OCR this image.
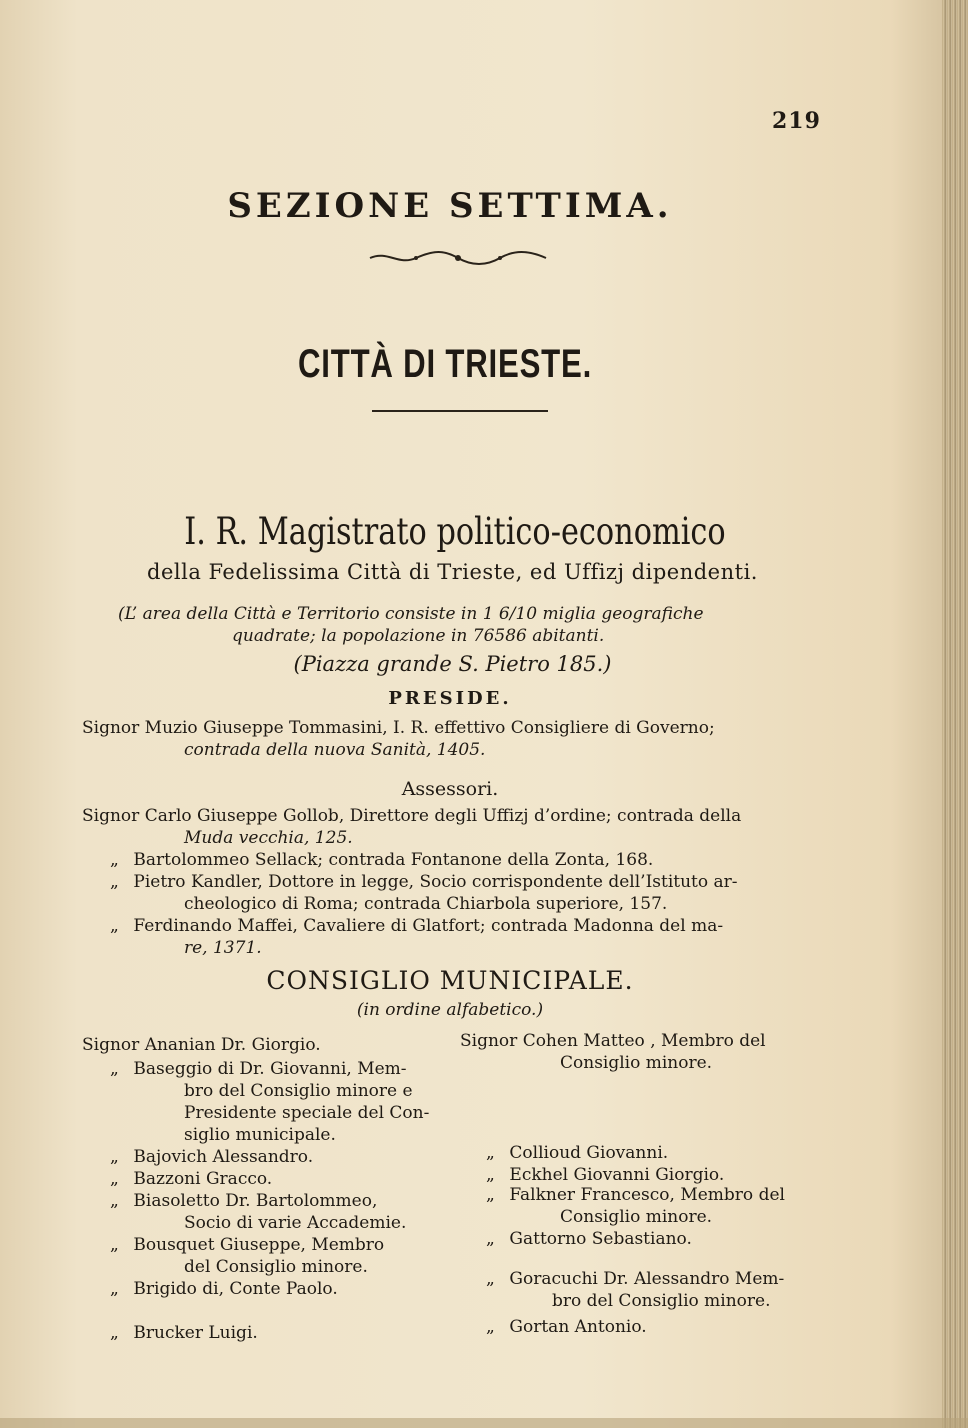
219
SEZIONE SETTIMA.
CITTÀ DI TRIESTE.
I. R. Magistrato politico-economico
della Fedelissima Città di Trieste, ed Uffizj dipendenti.
(L’ area della Città e Territorio consiste in 1 6/10 miglia geografiche
quadrate; la popolazione in 76586 abitanti.
(Piazza grande S. Pietro 185.)
PRESIDE.
Signor Muzio Giuseppe Tommasini, I. R. effettivo Consigliere di Governo;
contrada della nuova Sanità, 1405.
Assessori.
Signor Carlo Giuseppe Gollob, Direttore degli Uffizj d’ordine; contrada della
Muda vecchia, 125.
„ Bartolommeo Sellack; contrada Fontanone della Zonta, 168.
„ Pietro Kandler, Dottore in legge, Socio corrispondente dell’Istituto ar-
cheologico di Roma; contrada Chiarbola superiore, 157.
„ Ferdinando Maffei, Cavaliere di Glatfort; contrada Madonna del ma-
re, 1371.
CONSIGLIO MUNICIPALE.
(in ordine alfabetico.)
Signor Ananian Dr. Giorgio.
„ Baseggio di Dr. Giovanni, Mem-
bro del Consiglio minore e
Presidente speciale del Con-
siglio municipale.
„ Bajovich Alessandro.
„ Bazzoni Gracco.
„ Biasoletto Dr. Bartolommeo,
Socio di varie Accademie.
„ Bousquet Giuseppe, Membro
del Consiglio minore.
„ Brigido di, Conte Paolo.
„ Brucker Luigi.
Signor Cohen Matteo , Membro del
Consiglio minore.
„ Collioud Giovanni.
„ Eckhel Giovanni Giorgio.
„ Falkner Francesco, Membro del
Consiglio minore.
„ Gattorno Sebastiano.
„ Goracuchi Dr. Alessandro Mem-
bro del Consiglio minore.
„ Gortan Antonio.
